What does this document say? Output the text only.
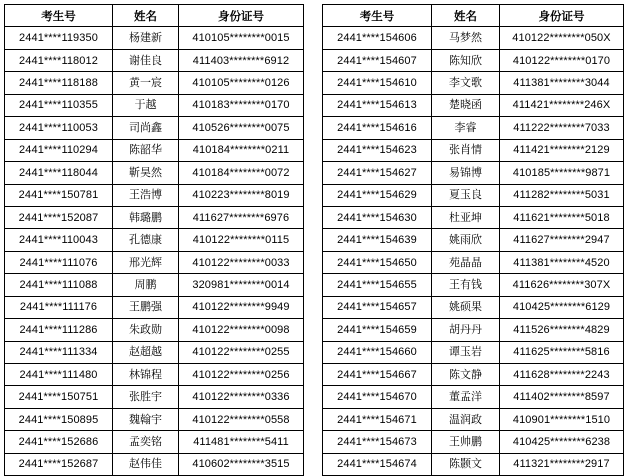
考生号	姓名	身份证号
2441****119350	杨建新	410105********0015
2441****118012	谢佳良	411403********6912
2441****118188	黄一宸	410105********0126
2441****110355	于越	410183********0170
2441****110053	司尚鑫	410526********0075
2441****110294	陈韶华	410184********0211
2441****118044	靳昊然	410184********0072
2441****150781	王浩博	410223********8019
2441****152087	韩璐鹏	411627********6976
2441****110043	孔德康	410122********0115
2441****111076	邢光辉	410122********0033
2441****111088	周鹏	320981********0014
2441****111176	王鹏强	410122********9949
2441****111286	朱政勋	410122********0098
2441****111334	赵超越	410122********0255
2441****111480	林锦程	410122********0256
2441****150751	张胜宇	410122********0336
2441****150895	魏翰宇	410122********0558
2441****152686	孟奕铭	411481********5411
2441****152687	赵伟佳	410602********3515
考生号	姓名	身份证号
2441****154606	马梦然	410122********050X
2441****154607	陈知欣	410122********0170
2441****154610	李文歌	411381********3044
2441****154613	楚晓函	411421********246X
2441****154616	李睿	411222********7033
2441****154623	张肖情	411421********2129
2441****154627	易锦博	410185********9871
2441****154629	夏玉良	411282********5031
2441****154630	杜亚坤	411621********5018
2441****154639	姚雨欣	411627********2947
2441****154650	苑晶晶	411381********4520
2441****154655	王有钱	411626********307X
2441****154657	姚硕果	410425********6129
2441****154659	胡丹丹	411526********4829
2441****154660	谭玉岩	411625********5816
2441****154667	陈文静	411628********2243
2441****154670	董孟洋	411402********8597
2441****154671	温润政	410901********1510
2441****154673	王帅鹏	410425********6238
2441****154674	陈颢文	411321********2917
